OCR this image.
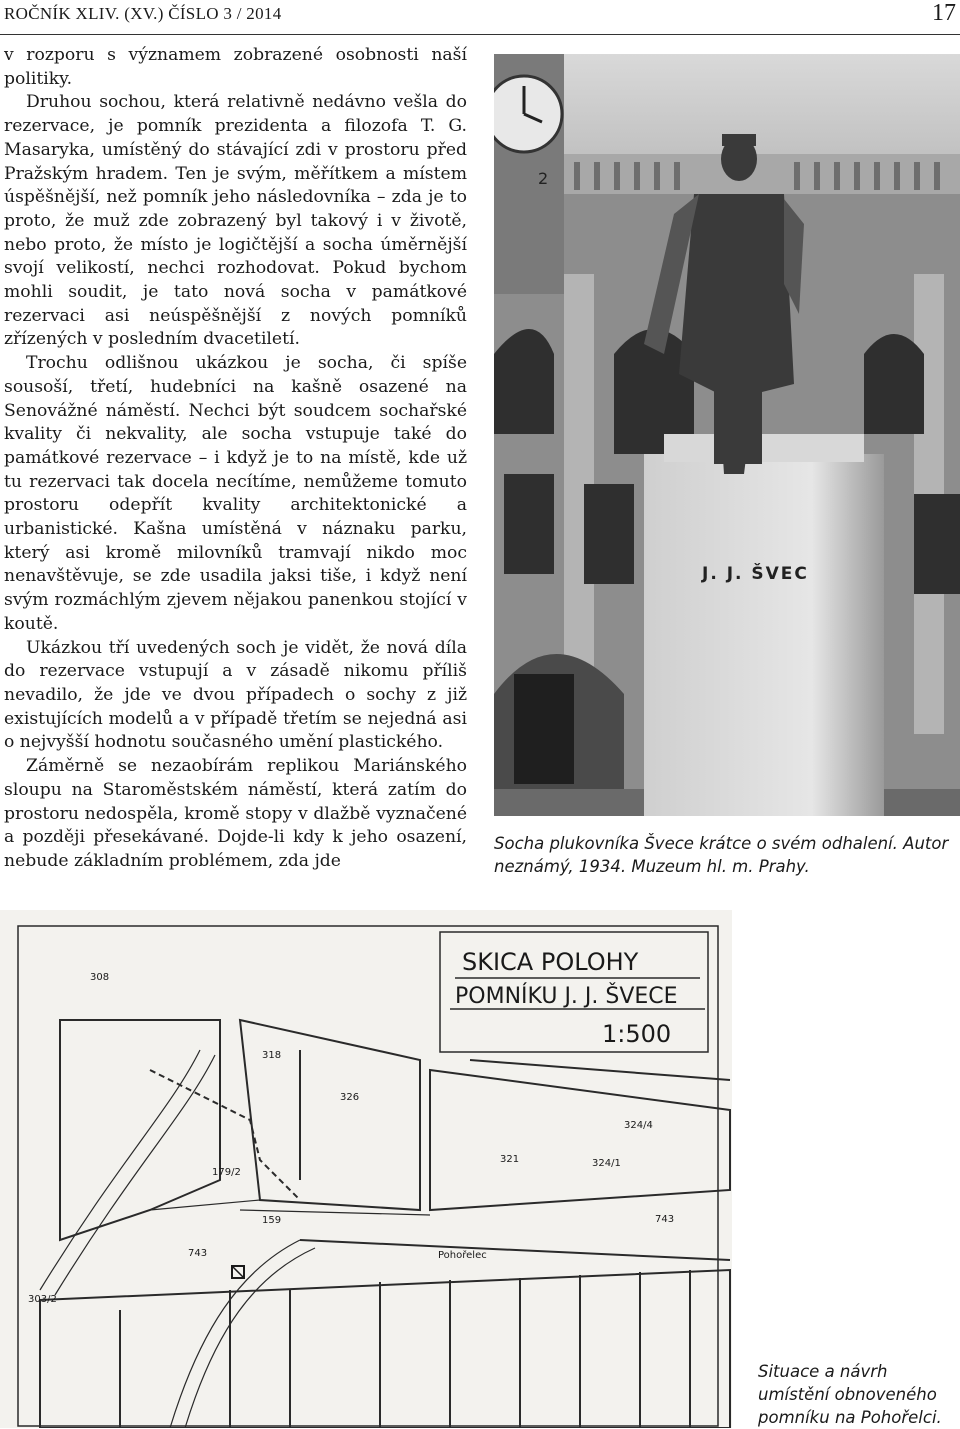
ROČNÍK XLIV. (XV.) ČÍSLO 3 / 2014	17

v rozporu s významem zobrazené osobnosti naší politiky.

Druhou sochou, která relativně nedávno vešla do rezervace, je pomník prezidenta a filozofa T. G. Masaryka, umístěný do stávající zdi v prostoru před Pražským hradem. Ten je svým, měřítkem a místem úspěšnější, než pomník jeho následovníka – zda je to proto, že muž zde zobrazený byl takový i v životě, nebo proto, že místo je logičtější a socha úměrnější svojí velikostí, nechci rozhodovat. Pokud bychom mohli soudit, je tato nová socha v památkové rezervaci asi neúspěšnější z nových pomníků zřízených v posledním dvacetiletí.

Trochu odlišnou ukázkou je socha, či spíše sousoší, třetí, hudebníci na kašně osazené na Senovážné náměstí. Nechci být soudcem sochařské kvality či nekvality, ale socha vstupuje také do památkové rezervace – i když je to na místě, kde už tu rezervaci tak docela necítíme, nemůžeme tomuto prostoru odepřít kvality architektonické a urbanistické. Kašna umístěná v náznaku parku, který asi kromě milovníků tramvají nikdo moc nenavštěvuje, se zde usadila jaksi tiše, i když není svým rozmáchlým zjevem nějakou panenkou stojící v koutě.

Ukázkou tří uvedených soch je vidět, že nová díla do rezervace vstupují a v zásadě nikomu příliš nevadilo, že jde ve dvou případech o sochy z již existujících modelů a v případě třetím se nejedná asi o nejvyšší hodnotu současného umění plastického.

Záměrně se nezaobírám replikou Mariánského sloupu na Staroměstském náměstí, která zatím do prostoru nedospěla, kromě stopy v dlažbě vyznačené a později přesekávané. Dojde-li kdy k jeho osazení, nebude základním problémem, zda jde

2
J. J. ŠVEC
Socha plukovníka Švece krátce o svém odhalení. Autor neznámý, 1934. Muzeum hl. m. Prahy.
SKICA POLOHY
POMNÍKU J. J. ŠVECE
1:500
308
303/2
318
326
324/4
321	324/1
743
743
179/2
159
Pohořelec
Situace a návrh umístění obnoveného pomníku na Pohořelci.
